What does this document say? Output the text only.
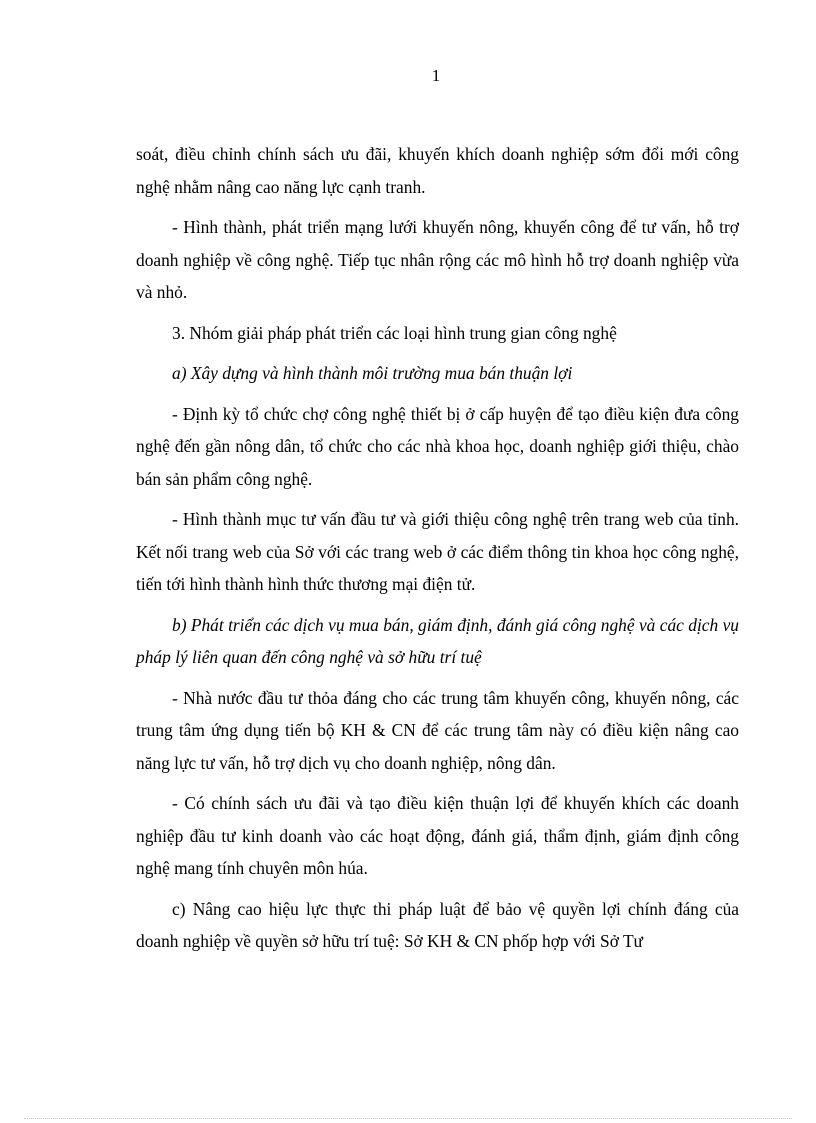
1

soát, điều chỉnh chính sách ưu đãi, khuyến khích doanh nghiệp sớm đổi mới công nghệ nhằm nâng cao năng lực cạnh tranh.

- Hình thành, phát triển mạng lưới khuyến nông, khuyến công để tư vấn, hỗ trợ doanh nghiệp về công nghệ. Tiếp tục nhân rộng các mô hình hỗ trợ doanh nghiệp vừa và nhỏ.

3. Nhóm giải pháp phát triển các loại hình trung gian công nghệ

a) Xây dựng và hình thành môi trường mua bán thuận lợi

- Định kỳ tổ chức chợ công nghệ thiết bị ở cấp huyện để tạo điều kiện đưa công nghệ đến gần nông dân, tổ chức cho các nhà khoa học, doanh nghiệp giới thiệu, chào bán sản phẩm công nghệ.

- Hình thành mục tư vấn đầu tư và giới thiệu công nghệ trên trang web của tỉnh. Kết nối trang web của Sở với các trang web ở các điểm thông tin khoa học công nghệ, tiến tới hình thành hình thức thương mại điện tử.

b) Phát triển các dịch vụ mua bán, giám định, đánh giá công nghệ và các dịch vụ pháp lý liên quan đến công nghệ và sở hữu trí tuệ

- Nhà nước đầu tư thỏa đáng cho các trung tâm khuyến công, khuyến nông, các trung tâm ứng dụng tiến bộ KH & CN để các trung tâm này có điều kiện nâng cao năng lực tư vấn, hỗ trợ dịch vụ cho doanh nghiệp, nông dân.

- Có chính sách ưu đãi và tạo điều kiện thuận lợi để khuyến khích các doanh nghiệp đầu tư kinh doanh vào các hoạt động, đánh giá, thẩm định, giám định công nghệ mang tính chuyên môn húa.

c) Nâng cao hiệu lực thực thi pháp luật để bảo vệ quyền lợi chính đáng của doanh nghiệp về quyền sở hữu trí tuệ: Sở KH & CN phốp hợp với Sở Tư
